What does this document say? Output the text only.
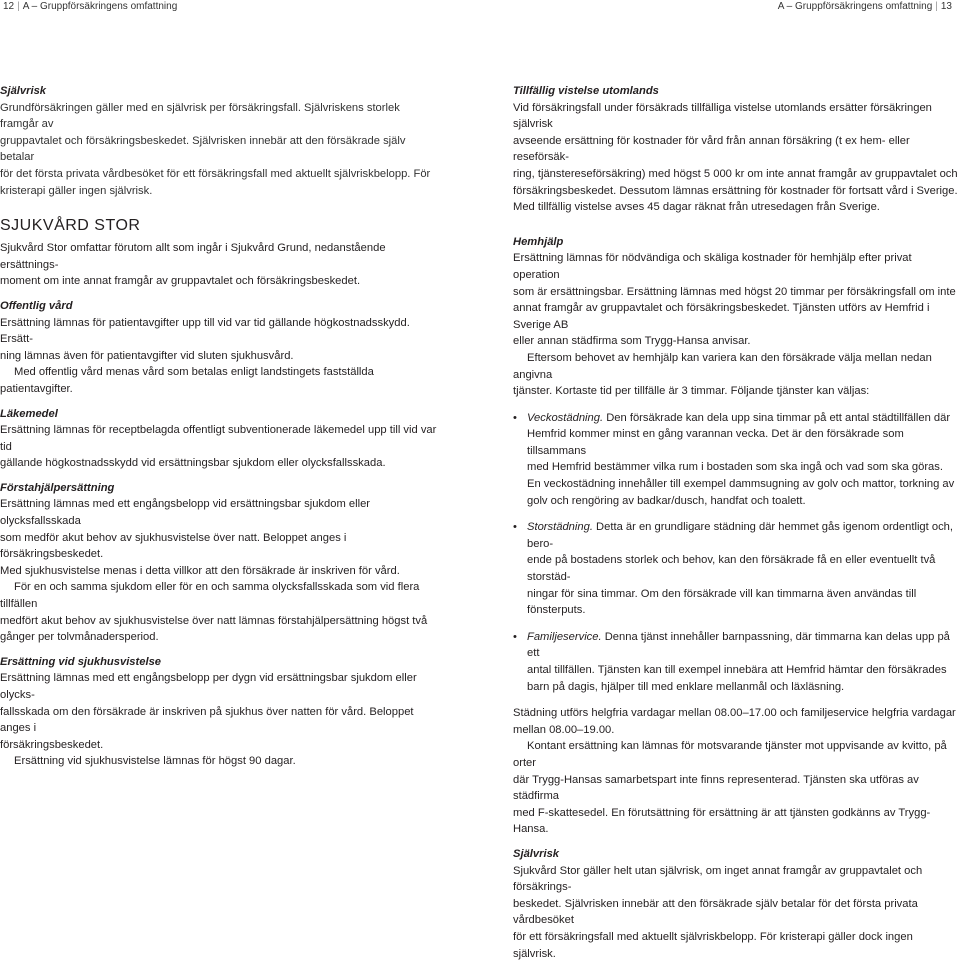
12 | A – Gruppförsäkringens omfattning	A – Gruppförsäkringens omfattning | 13

Självrisk

Grundförsäkringen gäller med en självrisk per försäkringsfall. Självriskens storlek framgår av

gruppavtalet och försäkringsbeskedet. Självrisken innebär att den försäkrade själv betalar

för det första privata vårdbesöket för ett försäkringsfall med aktuellt självriskbelopp. För

kristerapi gäller ingen självrisk.

SJUKVÅRD STOR

Sjukvård Stor omfattar förutom allt som ingår i Sjukvård Grund, nedanstående ersättnings-

moment om inte annat framgår av gruppavtalet och försäkringsbeskedet.

Offentlig vård

Ersättning lämnas för patientavgifter upp till vid var tid gällande högkostnadsskydd. Ersätt-

ning lämnas även för patientavgifter vid sluten sjukhusvård.

Med offentlig vård menas vård som betalas enligt landstingets fastställda

patientavgifter.

Läkemedel

Ersättning lämnas för receptbelagda offentligt subventionerade läkemedel upp till vid var tid

gällande högkostnadsskydd vid ersättningsbar sjukdom eller olycksfallsskada.

Förstahjälpersättning

Ersättning lämnas med ett engångsbelopp vid ersättningsbar sjukdom eller olycksfallsskada

som medför akut behov av sjukhusvistelse över natt. Beloppet anges i försäkringsbeskedet.

Med sjukhusvistelse menas i detta villkor att den försäkrade är inskriven för vård.

För en och samma sjukdom eller för en och samma olycksfallsskada som vid flera tillfällen

medfört akut behov av sjukhusvistelse över natt lämnas förstahjälpersättning högst två

gånger per tolvmånadersperiod.

Ersättning vid sjukhusvistelse

Ersättning lämnas med ett engångsbelopp per dygn vid ersättningsbar sjukdom eller olycks-

fallsskada om den försäkrade är inskriven på sjukhus över natten för vård. Beloppet anges i

försäkringsbeskedet.

Ersättning vid sjukhusvistelse lämnas för högst 90 dagar.

Tillfällig vistelse utomlands

Vid försäkringsfall under försäkrads tillfälliga vistelse utomlands ersätter försäkringen självrisk

avseende ersättning för kostnader för vård från annan försäkring (t ex hem- eller reseförsäk-

ring, tjänstereseförsäkring) med högst 5 000 kr om inte annat framgår av gruppavtalet och

försäkringsbeskedet. Dessutom lämnas ersättning för kostnader för fortsatt vård i Sverige.

Med tillfällig vistelse avses 45 dagar räknat från utresedagen från Sverige.

Hemhjälp

Ersättning lämnas för nödvändiga och skäliga kostnader för hemhjälp efter privat operation

som är ersättningsbar. Ersättning lämnas med högst 20 timmar per försäkringsfall om inte

annat framgår av gruppavtalet och försäkringsbeskedet. Tjänsten utförs av Hemfrid i Sverige AB

eller annan städfirma som Trygg-Hansa anvisar.

Eftersom behovet av hemhjälp kan variera kan den försäkrade välja mellan nedan angivna

tjänster. Kortaste tid per tillfälle är 3 timmar. Följande tjänster kan väljas:

• Veckostädning. Den försäkrade kan dela upp sina timmar på ett antal städtillfällen där

Hemfrid kommer minst en gång varannan vecka. Det är den försäkrade som tillsammans

med Hemfrid bestämmer vilka rum i bostaden som ska ingå och vad som ska göras.

En veckostädning innehåller till exempel dammsugning av golv och mattor, torkning av

golv och rengöring av badkar/dusch, handfat och toalett.

• Storstädning. Detta är en grundligare städning där hemmet gås igenom ordentligt och, bero-

ende på bostadens storlek och behov, kan den försäkrade få en eller eventuellt två storstäd-

ningar för sina timmar. Om den försäkrade vill kan timmarna även användas till fönsterputs.

• Familjeservice. Denna tjänst innehåller barnpassning, där timmarna kan delas upp på ett

antal tillfällen. Tjänsten kan till exempel innebära att Hemfrid hämtar den försäkrades

barn på dagis, hjälper till med enklare mellanmål och läxläsning.

Städning utförs helgfria vardagar mellan 08.00–17.00 och familjeservice helgfria vardagar

mellan 08.00–19.00.

Kontant ersättning kan lämnas för motsvarande tjänster mot uppvisande av kvitto, på orter

där Trygg-Hansas samarbetspart inte finns representerad. Tjänsten ska utföras av städfirma

med F-skattesedel. En förutsättning för ersättning är att tjänsten godkänns av Trygg-Hansa.

Självrisk

Sjukvård Stor gäller helt utan självrisk, om inget annat framgår av gruppavtalet och försäkrings-

beskedet. Självrisken innebär att den försäkrade själv betalar för det första privata vårdbesöket

för ett försäkringsfall med aktuellt självriskbelopp. För kristerapi gäller dock ingen självrisk.
